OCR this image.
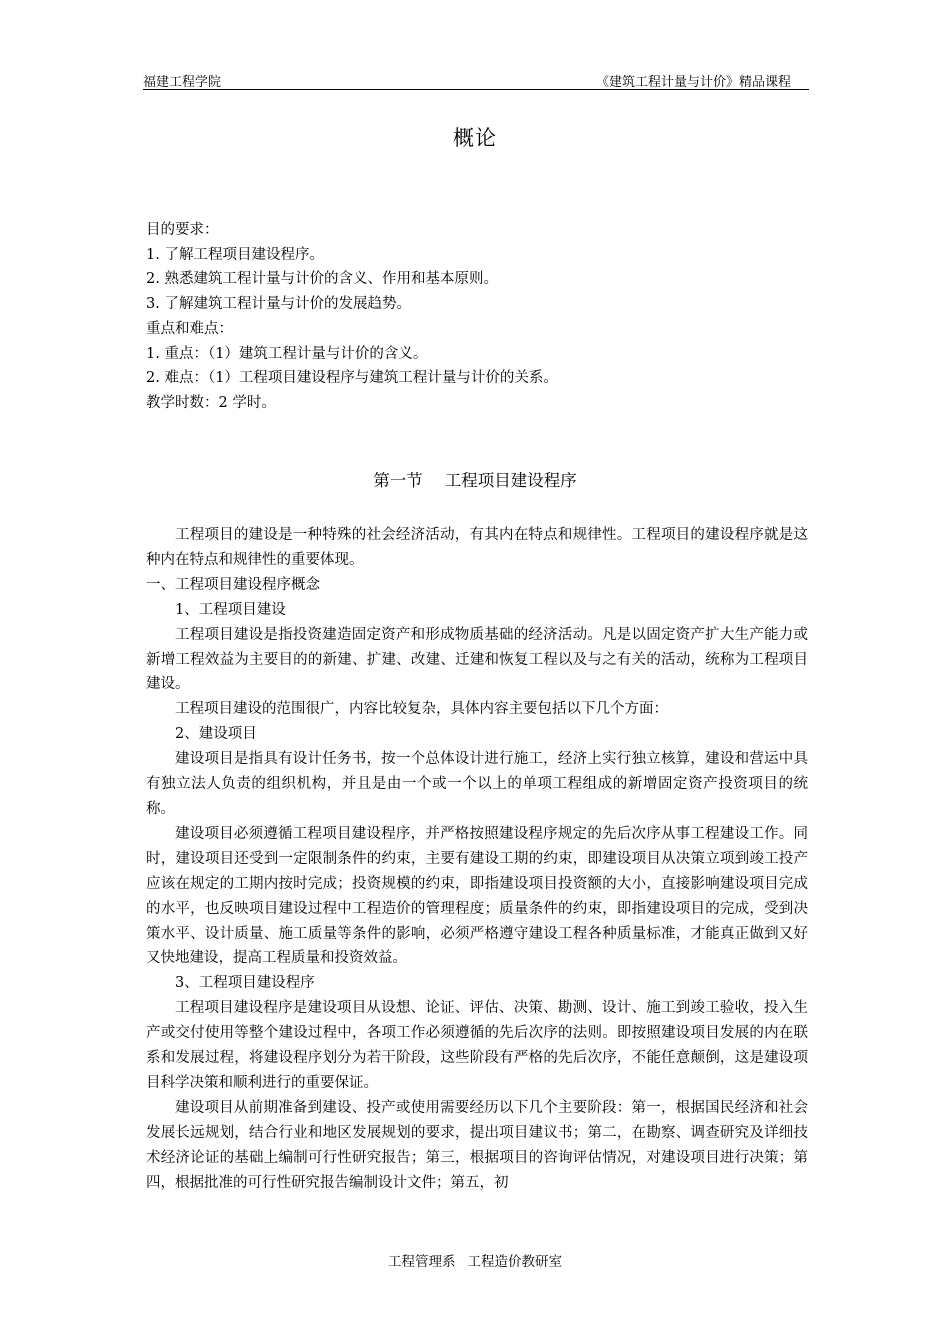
福建工程学院	《建筑工程计量与计价》精品课程
概论
目的要求：
1. 了解工程项目建设程序。
2. 熟悉建筑工程计量与计价的含义、作用和基本原则。
3. 了解建筑工程计量与计价的发展趋势。
重点和难点：
1. 重点：（1）建筑工程计量与计价的含义。
2. 难点：（1）工程项目建设程序与建筑工程计量与计价的关系。
教学时数：2 学时。
第一节 工程项目建设程序

工程项目的建设是一种特殊的社会经济活动，有其内在特点和规律性。工程项目的建设程序就是这种内在特点和规律性的重要体现。

一、工程项目建设程序概念

1、工程项目建设

工程项目建设是指投资建造固定资产和形成物质基础的经济活动。凡是以固定资产扩大生产能力或新增工程效益为主要目的的新建、扩建、改建、迁建和恢复工程以及与之有关的活动，统称为工程项目建设。

工程项目建设的范围很广，内容比较复杂，具体内容主要包括以下几个方面：

2、建设项目

建设项目是指具有设计任务书，按一个总体设计进行施工，经济上实行独立核算，建设和营运中具有独立法人负责的组织机构，并且是由一个或一个以上的单项工程组成的新增固定资产投资项目的统称。

建设项目必须遵循工程项目建设程序，并严格按照建设程序规定的先后次序从事工程建设工作。同时，建设项目还受到一定限制条件的约束，主要有建设工期的约束，即建设项目从决策立项到竣工投产应该在规定的工期内按时完成；投资规模的约束，即指建设项目投资额的大小，直接影响建设项目完成的水平，也反映项目建设过程中工程造价的管理程度；质量条件的约束，即指建设项目的完成，受到决策水平、设计质量、施工质量等条件的影响，必须严格遵守建设工程各种质量标准，才能真正做到又好又快地建设，提高工程质量和投资效益。

3、工程项目建设程序

工程项目建设程序是建设项目从设想、论证、评估、决策、勘测、设计、施工到竣工验收，投入生产或交付使用等整个建设过程中，各项工作必须遵循的先后次序的法则。即按照建设项目发展的内在联系和发展过程，将建设程序划分为若干阶段，这些阶段有严格的先后次序，不能任意颠倒，这是建设项目科学决策和顺利进行的重要保证。

建设项目从前期准备到建设、投产或使用需要经历以下几个主要阶段：第一，根据国民经济和社会发展长远规划，结合行业和地区发展规划的要求，提出项目建议书；第二，在勘察、调查研究及详细技术经济论证的基础上编制可行性研究报告；第三，根据项目的咨询评估情况，对建设项目进行决策；第四，根据批准的可行性研究报告编制设计文件；第五，初

工程管理系 工程造价教研室
